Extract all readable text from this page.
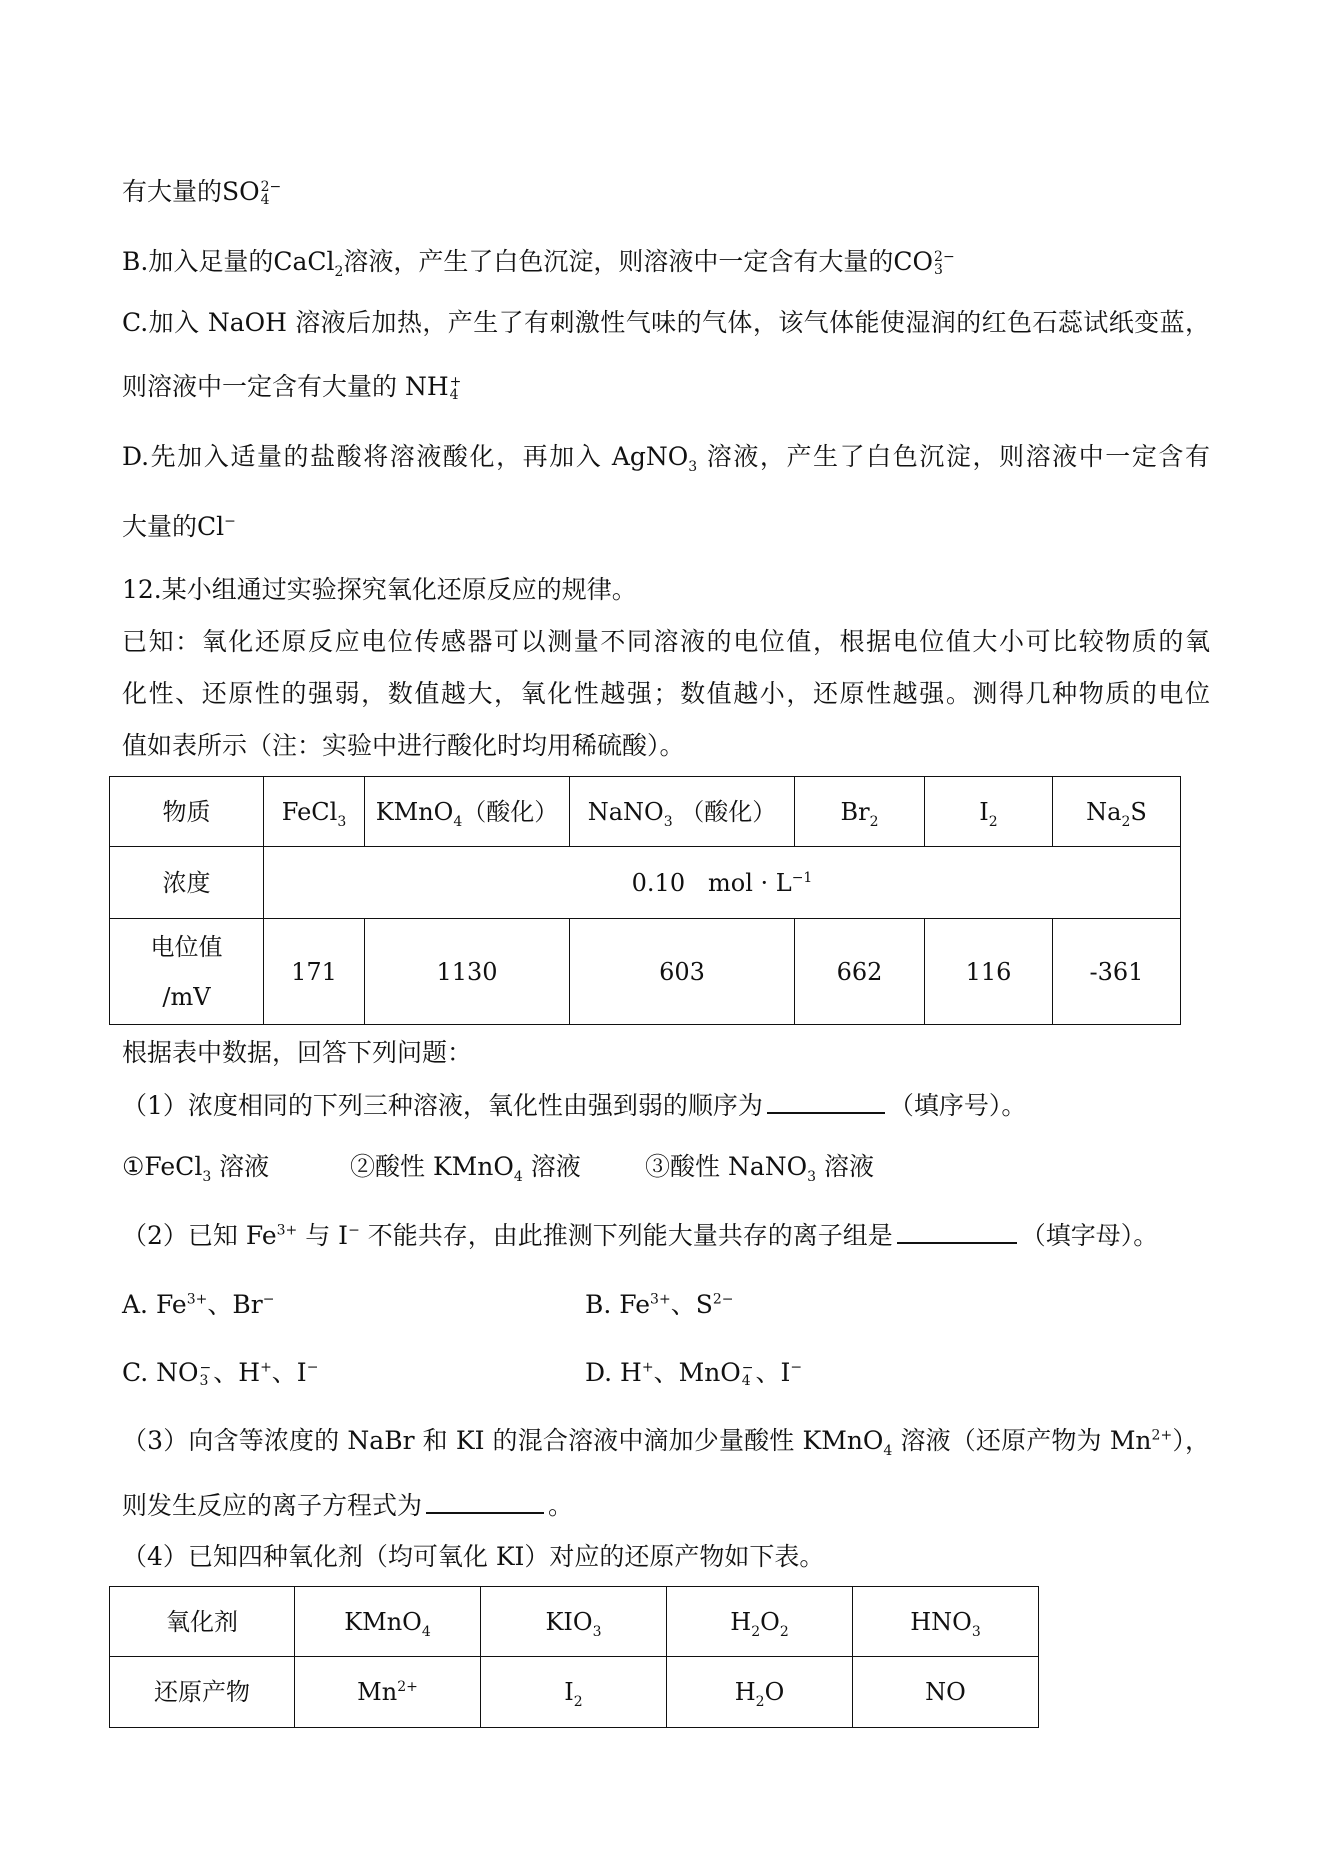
有大量的SO 2−
4
B.加入足量的CaCl$_2$溶液，产生了白色沉淀，则溶液中一定含有大量的CO 2−
3
C.加入 NaOH 溶液后加热，产生了有刺激性气味的气体，该气体能使湿润的红色石蕊试纸变蓝，
则溶液中一定含有大量的 NH +
4
D.先加入适量的盐酸将溶液酸化，再加入 AgNO$_3$ 溶液，产生了白色沉淀，则溶液中一定含有
大量的Cl−
12.某小组通过实验探究氧化还原反应的规律。
已知：氧化还原反应电位传感器可以测量不同溶液的电位值，根据电位值大小可比较物质的氧
化性、还原性的强弱，数值越大，氧化性越强；数值越小，还原性越强。测得几种物质的电位
值如表所示（注：实验中进行酸化时均用稀硫酸）。
物质	FeCl$_3$	KMnO$_4$（酸化）	NaNO$_3$ （酸化）	$Br_2$	$I_2$	$Na_2S$
浓度	0.10   mol · $L^{-1}$
电位值
/mV	171	1130	603	662	116	-361
根据表中数据，回答下列问题：
（1）浓度相同的下列三种溶液，氧化性由强到弱的顺序为	（填序号）。
①FeCl$_3$ 溶液	②酸性 KMnO$_4$ 溶液	③酸性 NaNO$_3$ 溶液
（2）已知 $Fe^{3+}$ 与 I− 不能共存，由此推测下列能大量共存的离子组是	（填字母）。
A. $Fe^{3+}$、Br−	B. $Fe^{3+}$、$S^{2-}$
C. NO −
3 、H+、I−	D. H+、MnO −
4 、I−
（3）向含等浓度的 NaBr 和 KI 的混合溶液中滴加少量酸性 KMnO$_4$ 溶液（还原产物为 $Mn^{2+}$），
则发生反应的离子方程式为	。
（4）已知四种氧化剂（均可氧化 KI）对应的还原产物如下表。
氧化剂	KMnO$_4$	$KIO_3$	$H_2O_2$	$HNO_3$
还原产物	$Mn^{2+}$	$I_2$	$H_2O$	NO
